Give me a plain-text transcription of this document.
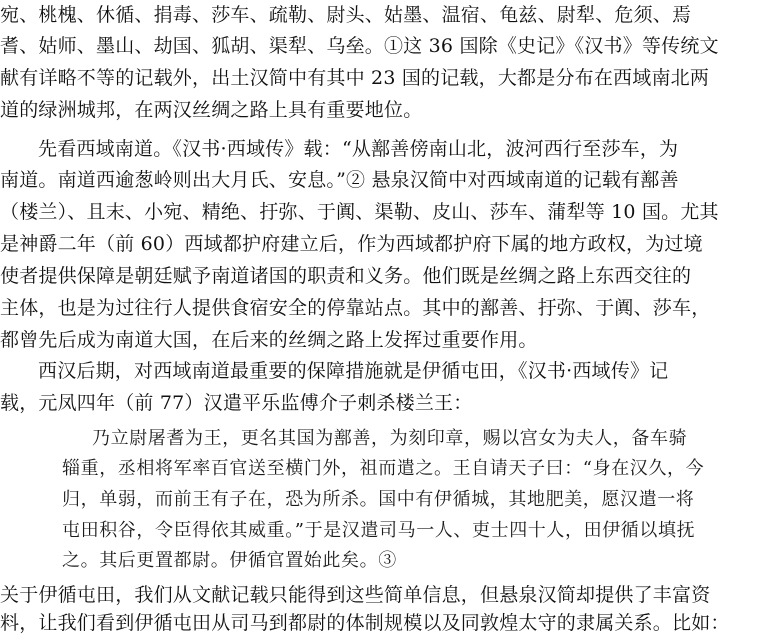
宛、桃槐、休循、捐毒、莎车、疏勒、尉头、姑墨、温宿、龟兹、尉犁、危须、焉
耆、姑师、墨山、劫国、狐胡、渠犁、乌垒。①这 36 国除《史记》《汉书》等传统文
献有详略不等的记载外，出土汉简中有其中 23 国的记载，大都是分布在西域南北两
道的绿洲城邦，在两汉丝绸之路上具有重要地位。
先看西域南道。《汉书·西域传》载：“从鄯善傍南山北，波河西行至莎车，为
南道。南道西逾葱岭则出大月氏、安息。”② 悬泉汉简中对西域南道的记载有鄯善
（楼兰）、且末、小宛、精绝、扜弥、于阗、渠勒、皮山、莎车、蒲犁等 10 国。尤其
是神爵二年（前 60）西域都护府建立后，作为西域都护府下属的地方政权，为过境
使者提供保障是朝廷赋予南道诸国的职责和义务。他们既是丝绸之路上东西交往的
主体，也是为过往行人提供食宿安全的停靠站点。其中的鄯善、扜弥、于阗、莎车，
都曾先后成为南道大国，在后来的丝绸之路上发挥过重要作用。
西汉后期，对西域南道最重要的保障措施就是伊循屯田，《汉书·西域传》记
载，元凤四年（前 77）汉遣平乐监傅介子刺杀楼兰王：
乃立尉屠耆为王，更名其国为鄯善，为刻印章，赐以宫女为夫人，备车骑
辎重，丞相将军率百官送至横门外，祖而遣之。王自请天子曰：“身在汉久，今
归，单弱，而前王有子在，恐为所杀。国中有伊循城，其地肥美，愿汉遣一将
屯田积谷，令臣得依其威重。”于是汉遣司马一人、吏士四十人，田伊循以填抚
之。其后更置都尉。伊循官置始此矣。③
关于伊循屯田，我们从文献记载只能得到这些简单信息，但悬泉汉简却提供了丰富资
料，让我们看到伊循屯田从司马到都尉的体制规模以及同敦煌太守的隶属关系。比如：
